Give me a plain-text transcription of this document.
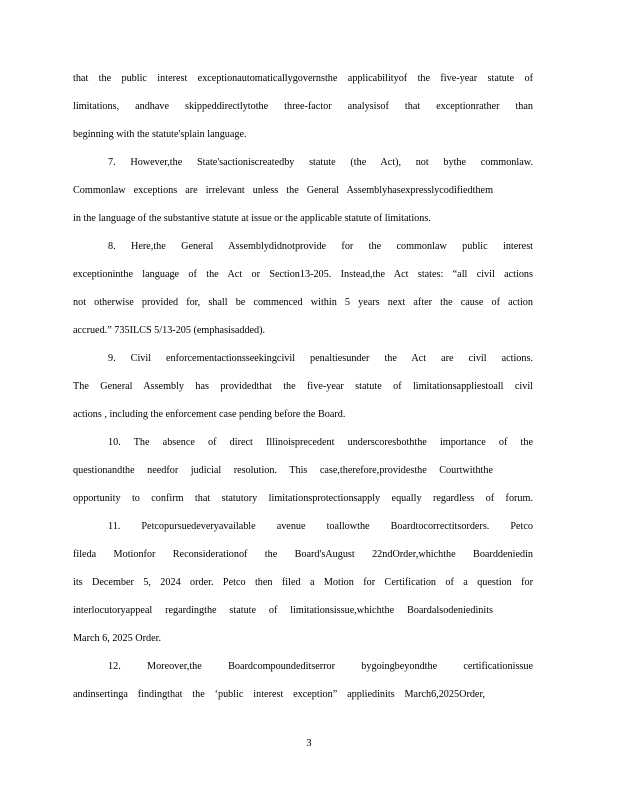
that the public interest exceptionautomaticallygovernsthe applicabilityof the five-year statute of
limitations, andhave skippeddirectlytothe three-factor analysisof that exceptionrather than
beginning with the statute'splain language.
7. However,the State'sactioniscreatedby statute (the Act), not bythe commonlaw.
Commonlaw exceptions are irrelevant unless the General Assemblyhasexpresslycodifiedthem
in the language of the substantive statute at issue or the applicable statute of limitations.
8. Here,the General Assemblydidnotprovide for the commonlaw public interest
exceptioninthe language of the Act or Section13-205. Instead,the Act states: “all civil actions
not otherwise provided for, shall be commenced within 5 years next after the cause of action
accrued.” 735ILCS 5/13-205 (emphasisadded).
9. Civil enforcementactionsseekingcivil penaltiesunder the Act are civil actions.
The General Assembly has providedthat the five-year statute of limitationsappliestoall civil
actions , including the enforcement case pending before the Board.
10. The absence of direct Illinoisprecedent underscoresboththe importance of the
questionandthe needfor judicial resolution. This case,therefore,providesthe Courtwiththe
opportunity to confirm that statutory limitationsprotectionsapply equally regardless of forum.
11. Petcopursuedeveryavailable avenue toallowthe Boardtocorrectitsorders. Petco
fileda Motionfor Reconsiderationof the Board'sAugust 22ndOrder,whichthe Boarddeniedin
its December 5, 2024 order. Petco then filed a Motion for Certification of a question for
interlocutoryappeal regardingthe statute of limitationsissue,whichthe Boardalsodeniedinits
March 6, 2025 Order.
12. Moreover,the Boardcompoundeditserror bygoingbeyondthe certificationissue
andinsertinga findingthat the ‘public interest exception” appliedinits March6,2025Order,
3
